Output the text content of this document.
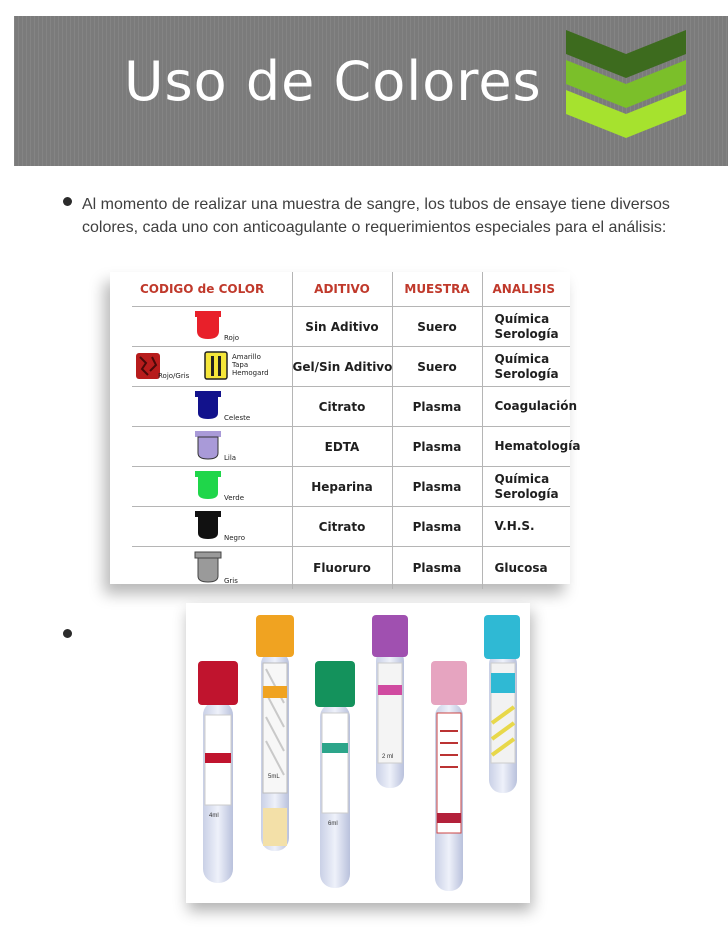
Uso de Colores

Al momento de realizar una muestra de sangre, los tubos de ensaye tiene diversos colores, cada uno con anticoagulante o requerimientos especiales para el análisis:

CODIGO de COLOR	ADITIVO	MUESTRA	ANALISIS

Rojo	Sin Aditivo	Suero	Química
Serología

Rojo/Gris
Amarillo
Tapa
Hemogard	Gel/Sin Aditivo	Suero	Química
Serología

Celeste	Citrato	Plasma	Coagulación

Lila	EDTA	Plasma	Hematología

Verde	Heparina	Plasma	Química
Serología

Negro	Citrato	Plasma	V.H.S.

Gris	Fluoruro	Plasma	Glucosa
4ml
5mL
6ml
2 ml
